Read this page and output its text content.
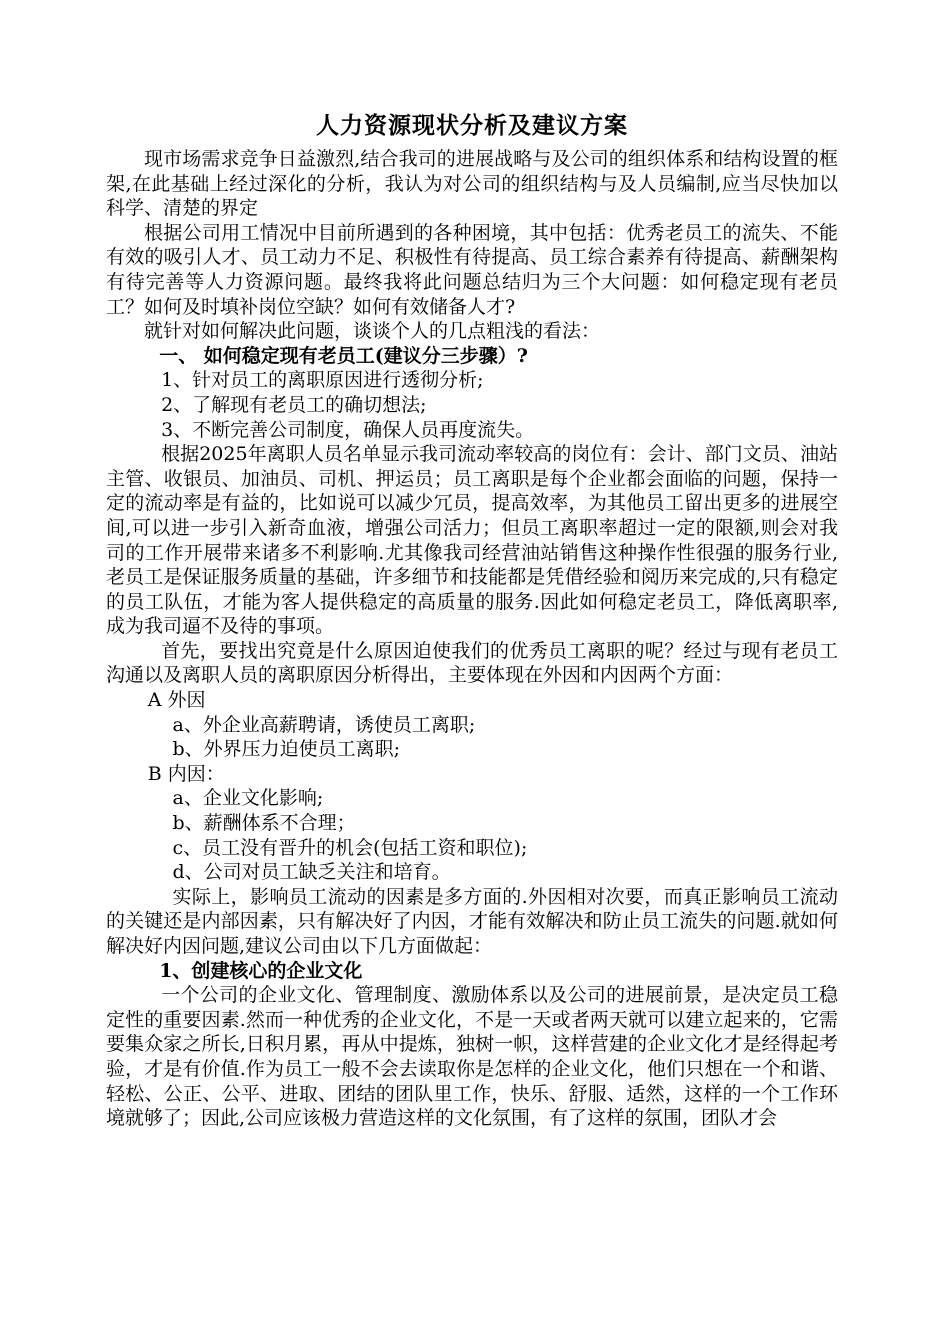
人力资源现状分析及建议方案

现市场需求竞争日益激烈,结合我司的进展战略与及公司的组织体系和结构设置的框架,在此基础上经过深化的分析，我认为对公司的组织结构与及人员编制,应当尽快加以科学、清楚的界定

根据公司用工情况中目前所遇到的各种困境，其中包括：优秀老员工的流失、不能有效的吸引人才、员工动力不足、积极性有待提高、员工综合素养有待提高、薪酬架构有待完善等人力资源问题。最终我将此问题总结归为三个大问题：如何稳定现有老员工？如何及时填补岗位空缺？如何有效储备人才?

就针对如何解决此问题，谈谈个人的几点粗浅的看法：

一、 如何稳定现有老员工(建议分三步骤）?

1、针对员工的离职原因进行透彻分析;

2、了解现有老员工的确切想法;

3、不断完善公司制度，确保人员再度流失。

根据2025年离职人员名单显示我司流动率较高的岗位有：会计、部门文员、油站主管、收银员、加油员、司机、押运员；员工离职是每个企业都会面临的问题，保持一定的流动率是有益的，比如说可以减少冗员，提高效率，为其他员工留出更多的进展空间,可以进一步引入新奇血液，增强公司活力；但员工离职率超过一定的限额,则会对我司的工作开展带来诸多不利影响.尤其像我司经营油站销售这种操作性很强的服务行业,老员工是保证服务质量的基础，许多细节和技能都是凭借经验和阅历来完成的,只有稳定的员工队伍，才能为客人提供稳定的高质量的服务.因此如何稳定老员工，降低离职率,成为我司逼不及待的事项。

首先，要找出究竟是什么原因迫使我们的优秀员工离职的呢？经过与现有老员工沟通以及离职人员的离职原因分析得出，主要体现在外因和内因两个方面：

A 外因

a、外企业高薪聘请，诱使员工离职;

b、外界压力迫使员工离职;

B 内因：

a、企业文化影响;

b、薪酬体系不合理；

c、员工没有晋升的机会(包括工资和职位);

d、公司对员工缺乏关注和培育。

实际上，影响员工流动的因素是多方面的.外因相对次要，而真正影响员工流动的关键还是内部因素，只有解决好了内因，才能有效解决和防止员工流失的问题.就如何解决好内因问题,建议公司由以下几方面做起：

1、创建核心的企业文化

一个公司的企业文化、管理制度、激励体系以及公司的进展前景，是决定员工稳定性的重要因素.然而一种优秀的企业文化，不是一天或者两天就可以建立起来的，它需要集众家之所长,日积月累，再从中提炼，独树一帜，这样营建的企业文化才是经得起考验，才是有价值.作为员工一般不会去读取你是怎样的企业文化，他们只想在一个和谐、轻松、公正、公平、进取、团结的团队里工作，快乐、舒服、适然，这样的一个工作环境就够了；因此,公司应该极力营造这样的文化氛围，有了这样的氛围，团队才会
